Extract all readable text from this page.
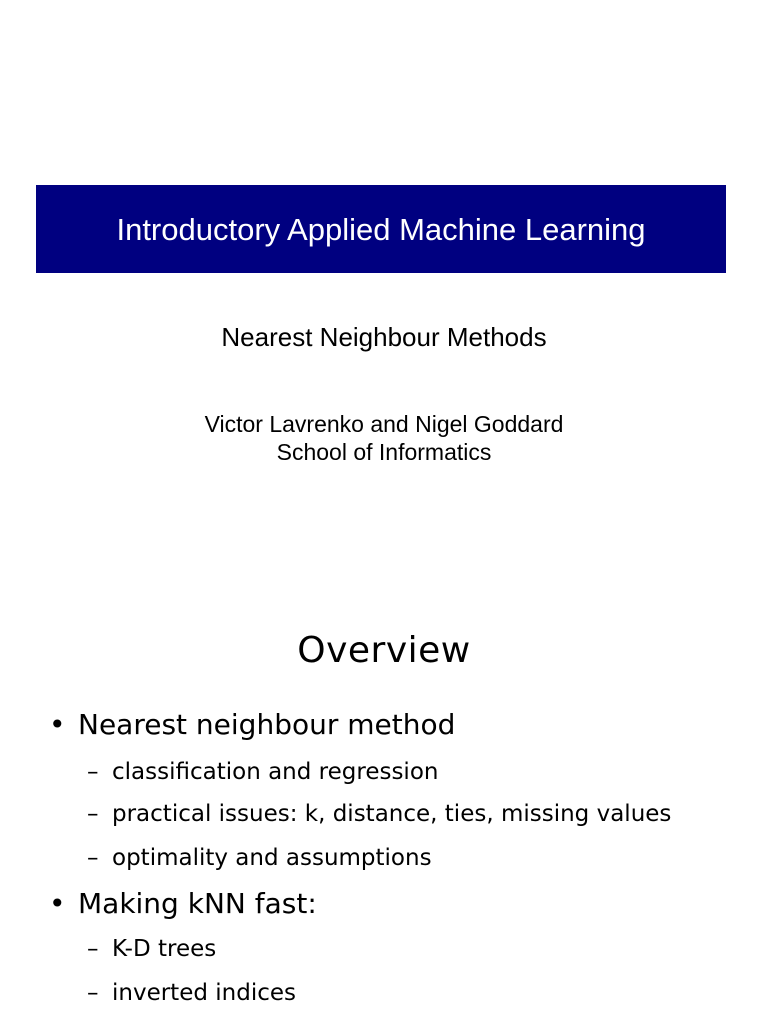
Introductory Applied Machine Learning
Nearest Neighbour Methods
Victor Lavrenko and Nigel Goddard
School of Informatics
Overview
• Nearest neighbour method
– classification and regression
– practical issues: k, distance, ties, missing values
– optimality and assumptions
• Making kNN fast:
– K-D trees
– inverted indices
